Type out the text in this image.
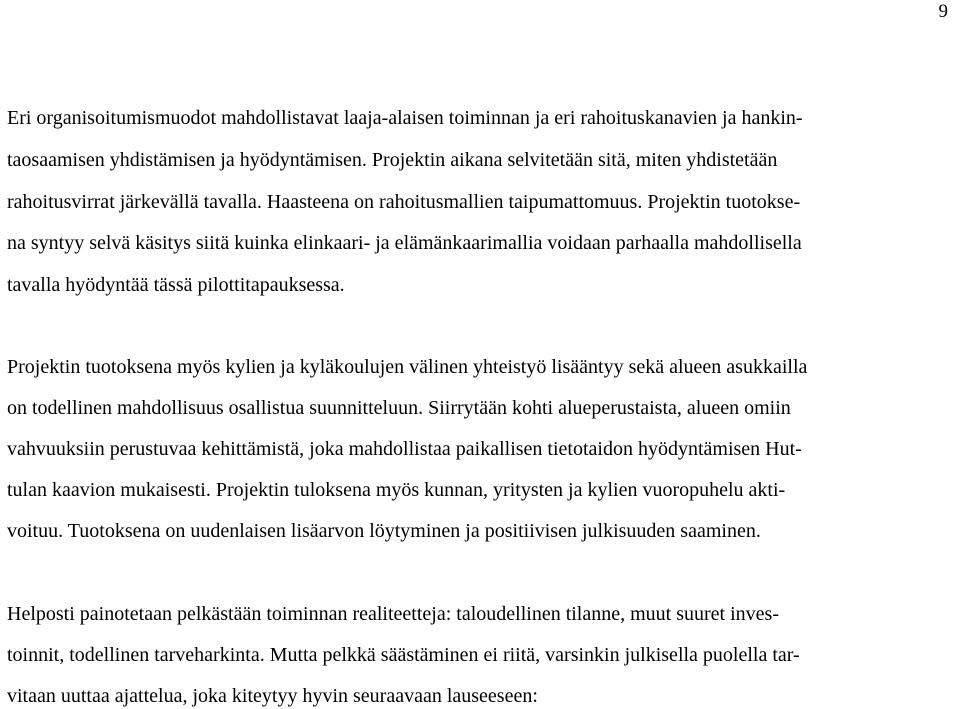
9
Eri organisoitumismuodot mahdollistavat laaja-alaisen toiminnan ja eri rahoituskanavien ja hankin-
taosaamisen yhdistämisen ja hyödyntämisen. Projektin aikana selvitetään sitä, miten yhdistetään
rahoitusvirrat järkevällä tavalla. Haasteena on rahoitusmallien taipumattomuus. Projektin tuotokse-
na syntyy selvä käsitys siitä kuinka elinkaari- ja elämänkaarimallia voidaan parhaalla mahdollisella
tavalla hyödyntää tässä pilottitapauksessa.
Projektin tuotoksena myös kylien ja kyläkoulujen välinen yhteistyö lisääntyy sekä alueen asukkailla
on todellinen mahdollisuus osallistua suunnitteluun. Siirrytään kohti alueperustaista, alueen omiin
vahvuuksiin perustuvaa kehittämistä, joka mahdollistaa paikallisen tietotaidon hyödyntämisen Hut-
tulan kaavion mukaisesti. Projektin tuloksena myös kunnan, yritysten ja kylien vuoropuhelu akti-
voituu. Tuotoksena on uudenlaisen lisäarvon löytyminen ja positiivisen julkisuuden saaminen.
Helposti painotetaan pelkästään toiminnan realiteetteja: taloudellinen tilanne, muut suuret inves-
toinnit, todellinen tarveharkinta. Mutta pelkkä säästäminen ei riitä, varsinkin julkisella puolella tar-
vitaan uuttaa ajattelua, joka kiteytyy hyvin seuraavaan lauseeseen:
